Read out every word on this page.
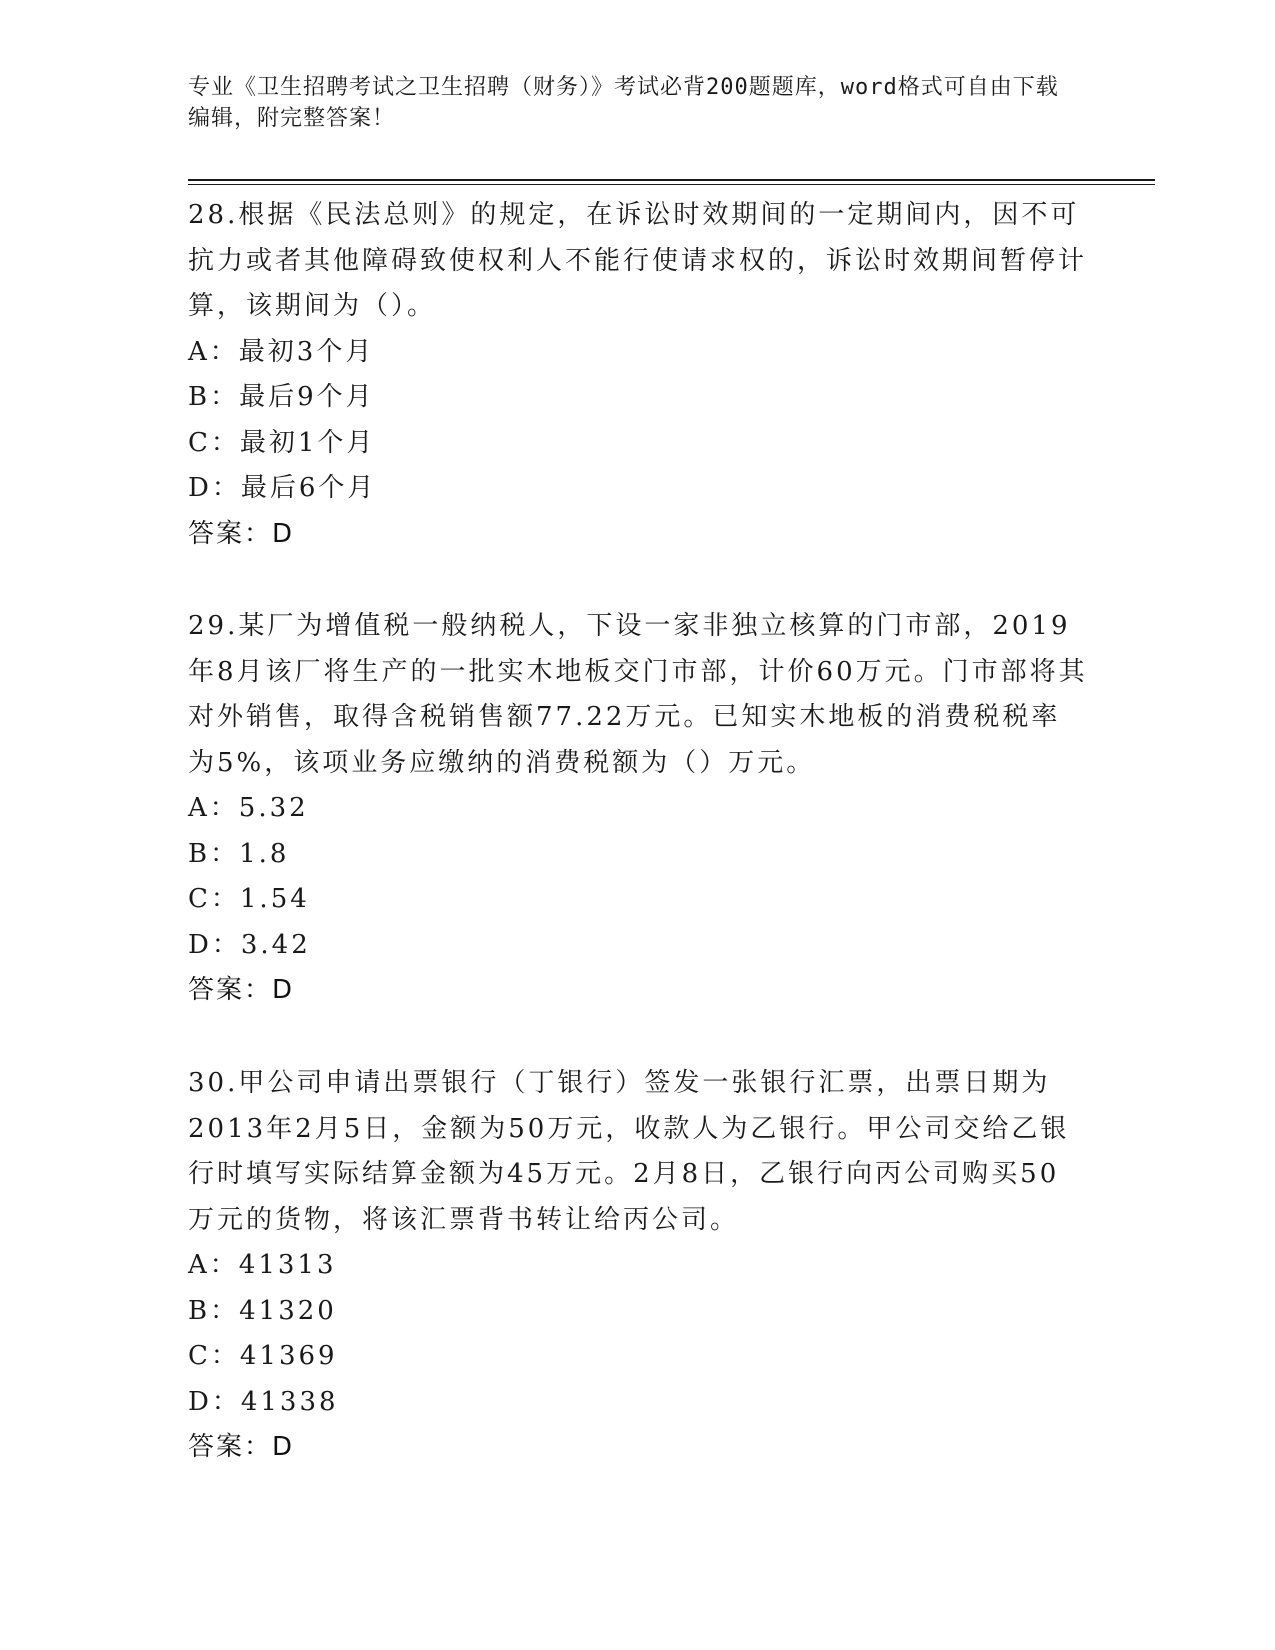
专业《卫生招聘考试之卫生招聘（财务）》考试必背200题题库，word格式可自由下载编辑，附完整答案！

28.根据《民法总则》的规定，在诉讼时效期间的一定期间内，因不可抗力或者其他障碍致使权利人不能行使请求权的，诉讼时效期间暂停计算，该期间为（）。

A：最初3个月

B：最后9个月

C：最初1个月

D：最后6个月

答案：D

29.某厂为增值税一般纳税人，下设一家非独立核算的门市部，2019年8月该厂将生产的一批实木地板交门市部，计价60万元。门市部将其对外销售，取得含税销售额77.22万元。已知实木地板的消费税税率为5%，该项业务应缴纳的消费税额为（）万元。

A：5.32

B：1.8

C：1.54

D：3.42

答案：D

30.甲公司申请出票银行（丁银行）签发一张银行汇票，出票日期为2013年2月5日，金额为50万元，收款人为乙银行。甲公司交给乙银行时填写实际结算金额为45万元。2月8日，乙银行向丙公司购买50万元的货物，将该汇票背书转让给丙公司。

A：41313

B：41320

C：41369

D：41338

答案：D
